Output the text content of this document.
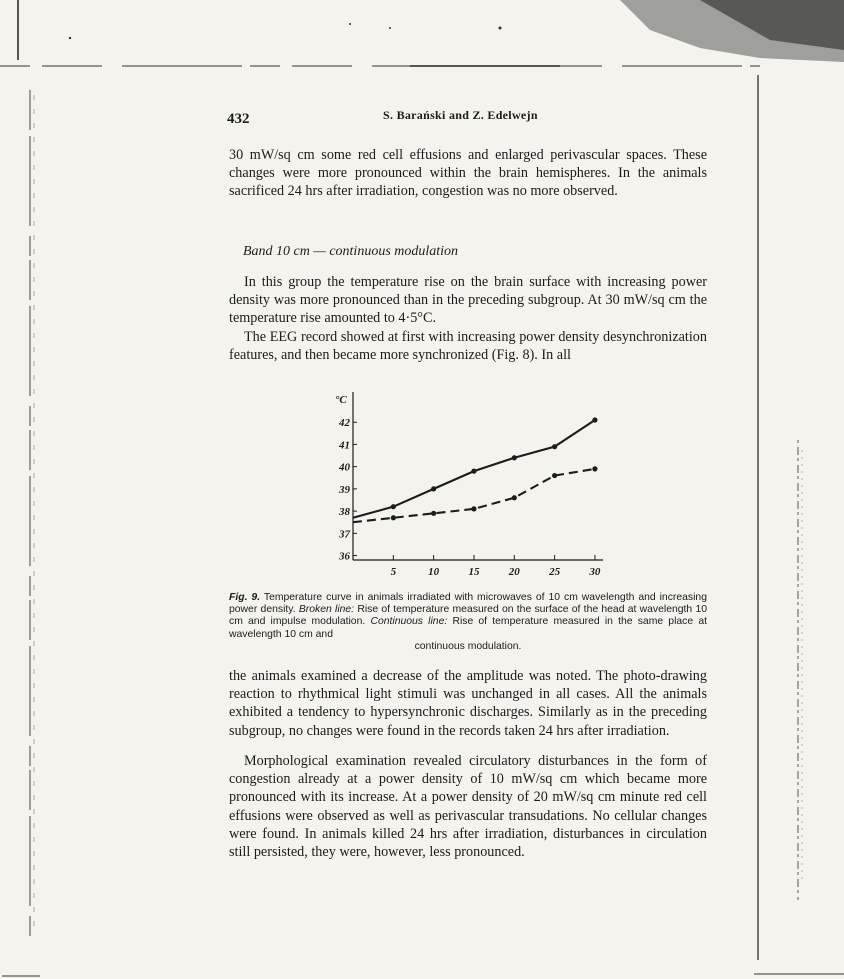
432	S. Barański and Z. Edelwejn
30 mW/sq cm some red cell effusions and enlarged perivascular spaces. These changes were more pronounced within the brain hemispheres. In the animals sacrificed 24 hrs after irradiation, congestion was no more observed.
Band 10 cm — continuous modulation
In this group the temperature rise on the brain surface with increasing power density was more pronounced than in the preceding subgroup. At 30 mW/sq cm the temperature rise amounted to 4·5°C.
The EEG record showed at first with increasing power density desynchronization features, and then became more synchronized (Fig. 8). In all
°C
36
37
38
39
40
41
42
5	10	15	20	25	30
Fig. 9. Temperature curve in animals irradiated with microwaves of 10 cm wavelength and increasing power density. Broken line: Rise of temperature measured on the surface of the head at wavelength 10 cm and impulse modulation. Continuous line: Rise of temperature measured in the same place at wavelength 10 cm and
continuous modulation.
the animals examined a decrease of the amplitude was noted. The photo-drawing reaction to rhythmical light stimuli was unchanged in all cases. All the animals exhibited a tendency to hypersynchronic discharges. Similarly as in the preceding subgroup, no changes were found in the records taken 24 hrs after irradiation.
Morphological examination revealed circulatory disturbances in the form of congestion already at a power density of 10 mW/sq cm which became more pronounced with its increase. At a power density of 20 mW/sq cm minute red cell effusions were observed as well as perivascular transudations. No cellular changes were found. In animals killed 24 hrs after irradiation, disturbances in circulation still persisted, they were, however, less pronounced.
